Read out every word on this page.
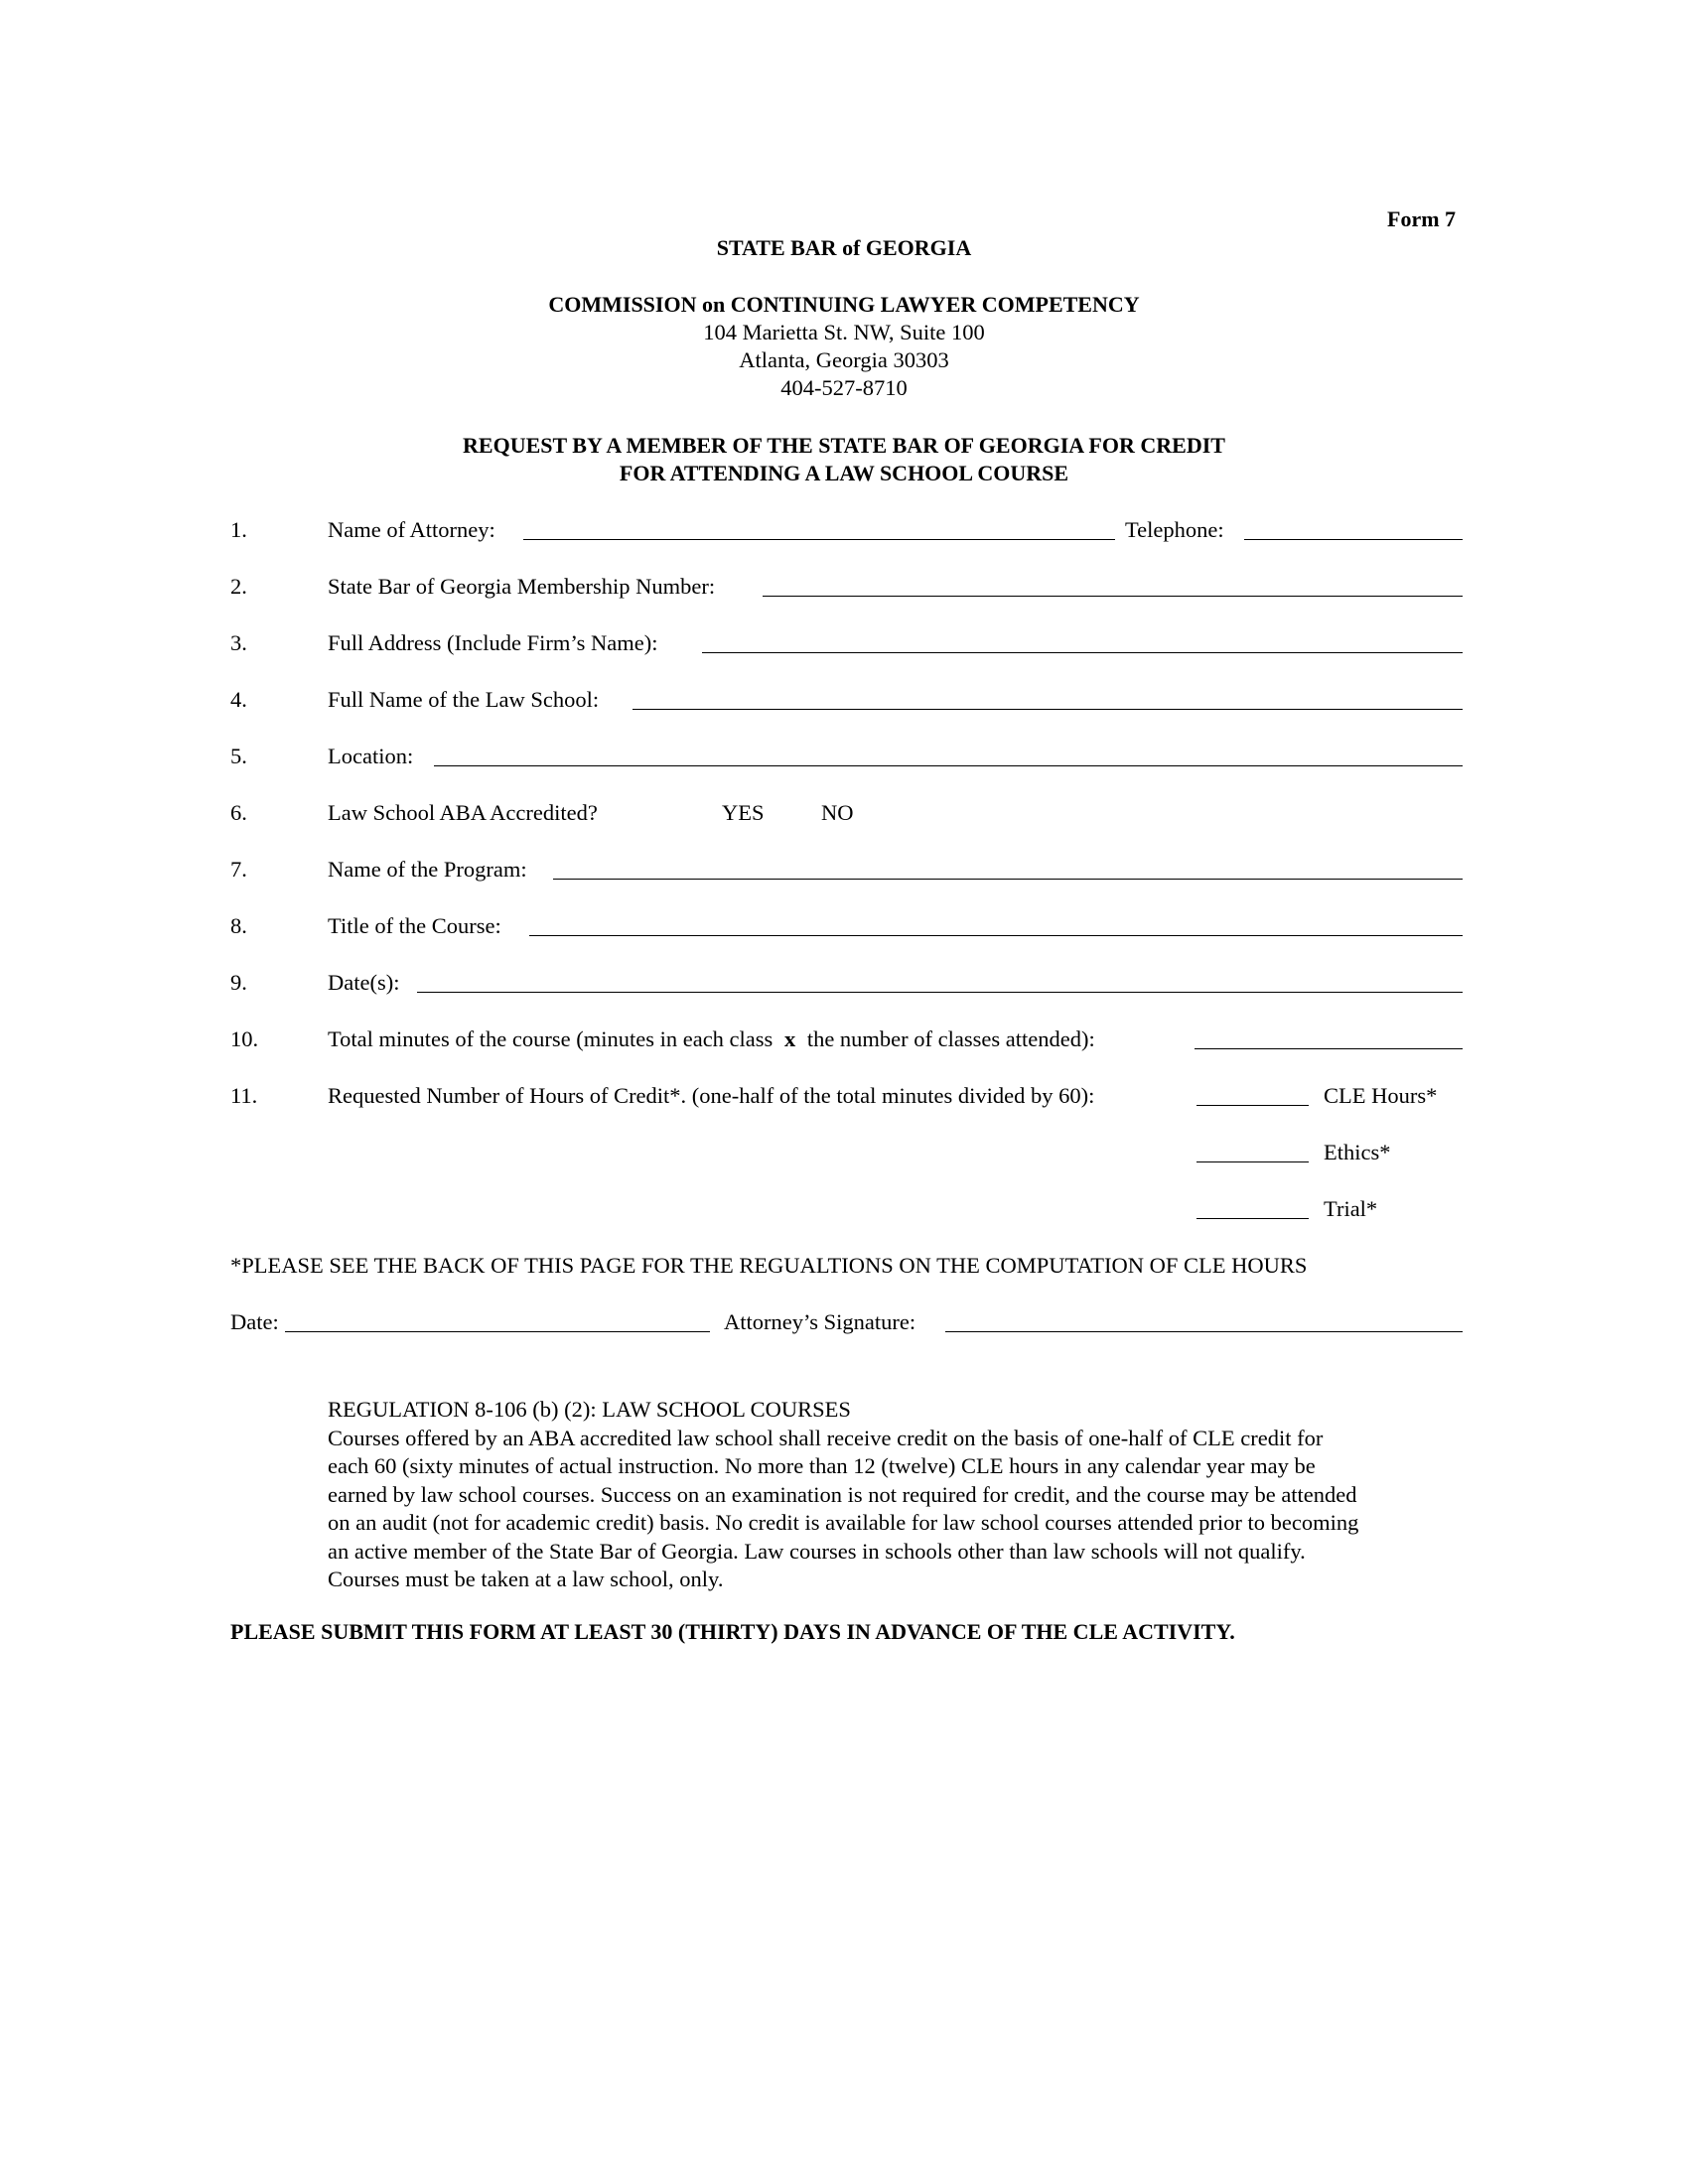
Form 7
STATE BAR of GEORGIA
COMMISSION on CONTINUING LAWYER COMPETENCY
104 Marietta St. NW, Suite 100
Atlanta, Georgia 30303
404-527-8710
REQUEST BY A MEMBER OF THE STATE BAR OF GEORGIA FOR CREDIT
FOR ATTENDING A LAW SCHOOL COURSE
1.	Name of Attorney:	Telephone:
2.	State Bar of Georgia Membership Number:
3.	Full Address (Include Firm’s Name):
4.	Full Name of the Law School:
5.	Location:
6.	Law School ABA Accredited?	YES	NO
7.	Name of the Program:
8.	Title of the Course:
9.	Date(s):
10.	Total minutes of the course (minutes in each class x the number of classes attended):
11.	Requested Number of Hours of Credit*. (one-half of the total minutes divided by 60):	CLE Hours*
Ethics*
Trial*
*PLEASE SEE THE BACK OF THIS PAGE FOR THE REGUALTIONS ON THE COMPUTATION OF CLE HOURS
Date:	Attorney’s Signature:

REGULATION 8-106 (b) (2): LAW SCHOOL COURSES

Courses offered by an ABA accredited law school shall receive credit on the basis of one-half of CLE credit for

each 60 (sixty minutes of actual instruction. No more than 12 (twelve) CLE hours in any calendar year may be

earned by law school courses. Success on an examination is not required for credit, and the course may be attended

on an audit (not for academic credit) basis. No credit is available for law school courses attended prior to becoming

an active member of the State Bar of Georgia. Law courses in schools other than law schools will not qualify.

Courses must be taken at a law school, only.

PLEASE SUBMIT THIS FORM AT LEAST 30 (THIRTY) DAYS IN ADVANCE OF THE CLE ACTIVITY.
